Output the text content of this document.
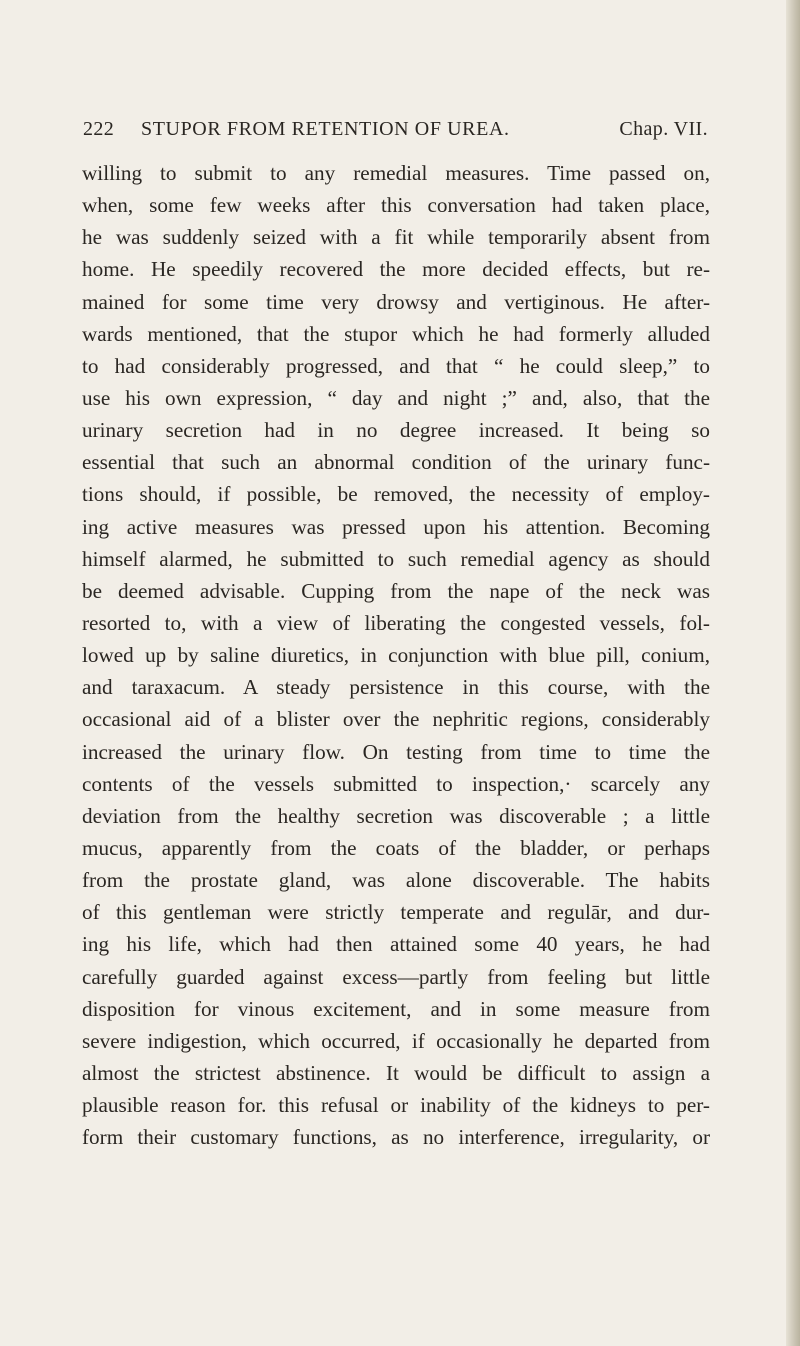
222 STUPOR FROM RETENTION OF UREA.	Chap. VII.
willing to submit to any remedial measures. Time passed on,
when, some few weeks after this conversation had taken place,
he was suddenly seized with a fit while temporarily absent from
home. He speedily recovered the more decided effects, but re-
mained for some time very drowsy and vertiginous. He after-
wards mentioned, that the stupor which he had formerly alluded
to had considerably progressed, and that “ he could sleep,” to
use his own expression, “ day and night ;” and, also, that the
urinary secretion had in no degree increased. It being so
essential that such an abnormal condition of the urinary func-
tions should, if possible, be removed, the necessity of employ-
ing active measures was pressed upon his attention. Becoming
himself alarmed, he submitted to such remedial agency as should
be deemed advisable. Cupping from the nape of the neck was
resorted to, with a view of liberating the congested vessels, fol-
lowed up by saline diuretics, in conjunction with blue pill, conium,
and taraxacum. A steady persistence in this course, with the
occasional aid of a blister over the nephritic regions, considerably
increased the urinary flow. On testing from time to time the
contents of the vessels submitted to inspection,· scarcely any
deviation from the healthy secretion was discoverable ; a little
mucus, apparently from the coats of the bladder, or perhaps
from the prostate gland, was alone discoverable. The habits
of this gentleman were strictly temperate and regulār, and dur-
ing his life, which had then attained some 40 years, he had
carefully guarded against excess—partly from feeling but little
disposition for vinous excitement, and in some measure from
severe indigestion, which occurred, if occasionally he departed from
almost the strictest abstinence. It would be difficult to assign a
plausible reason for. this refusal or inability of the kidneys to per-
form their customary functions, as no interference, irregularity, or
